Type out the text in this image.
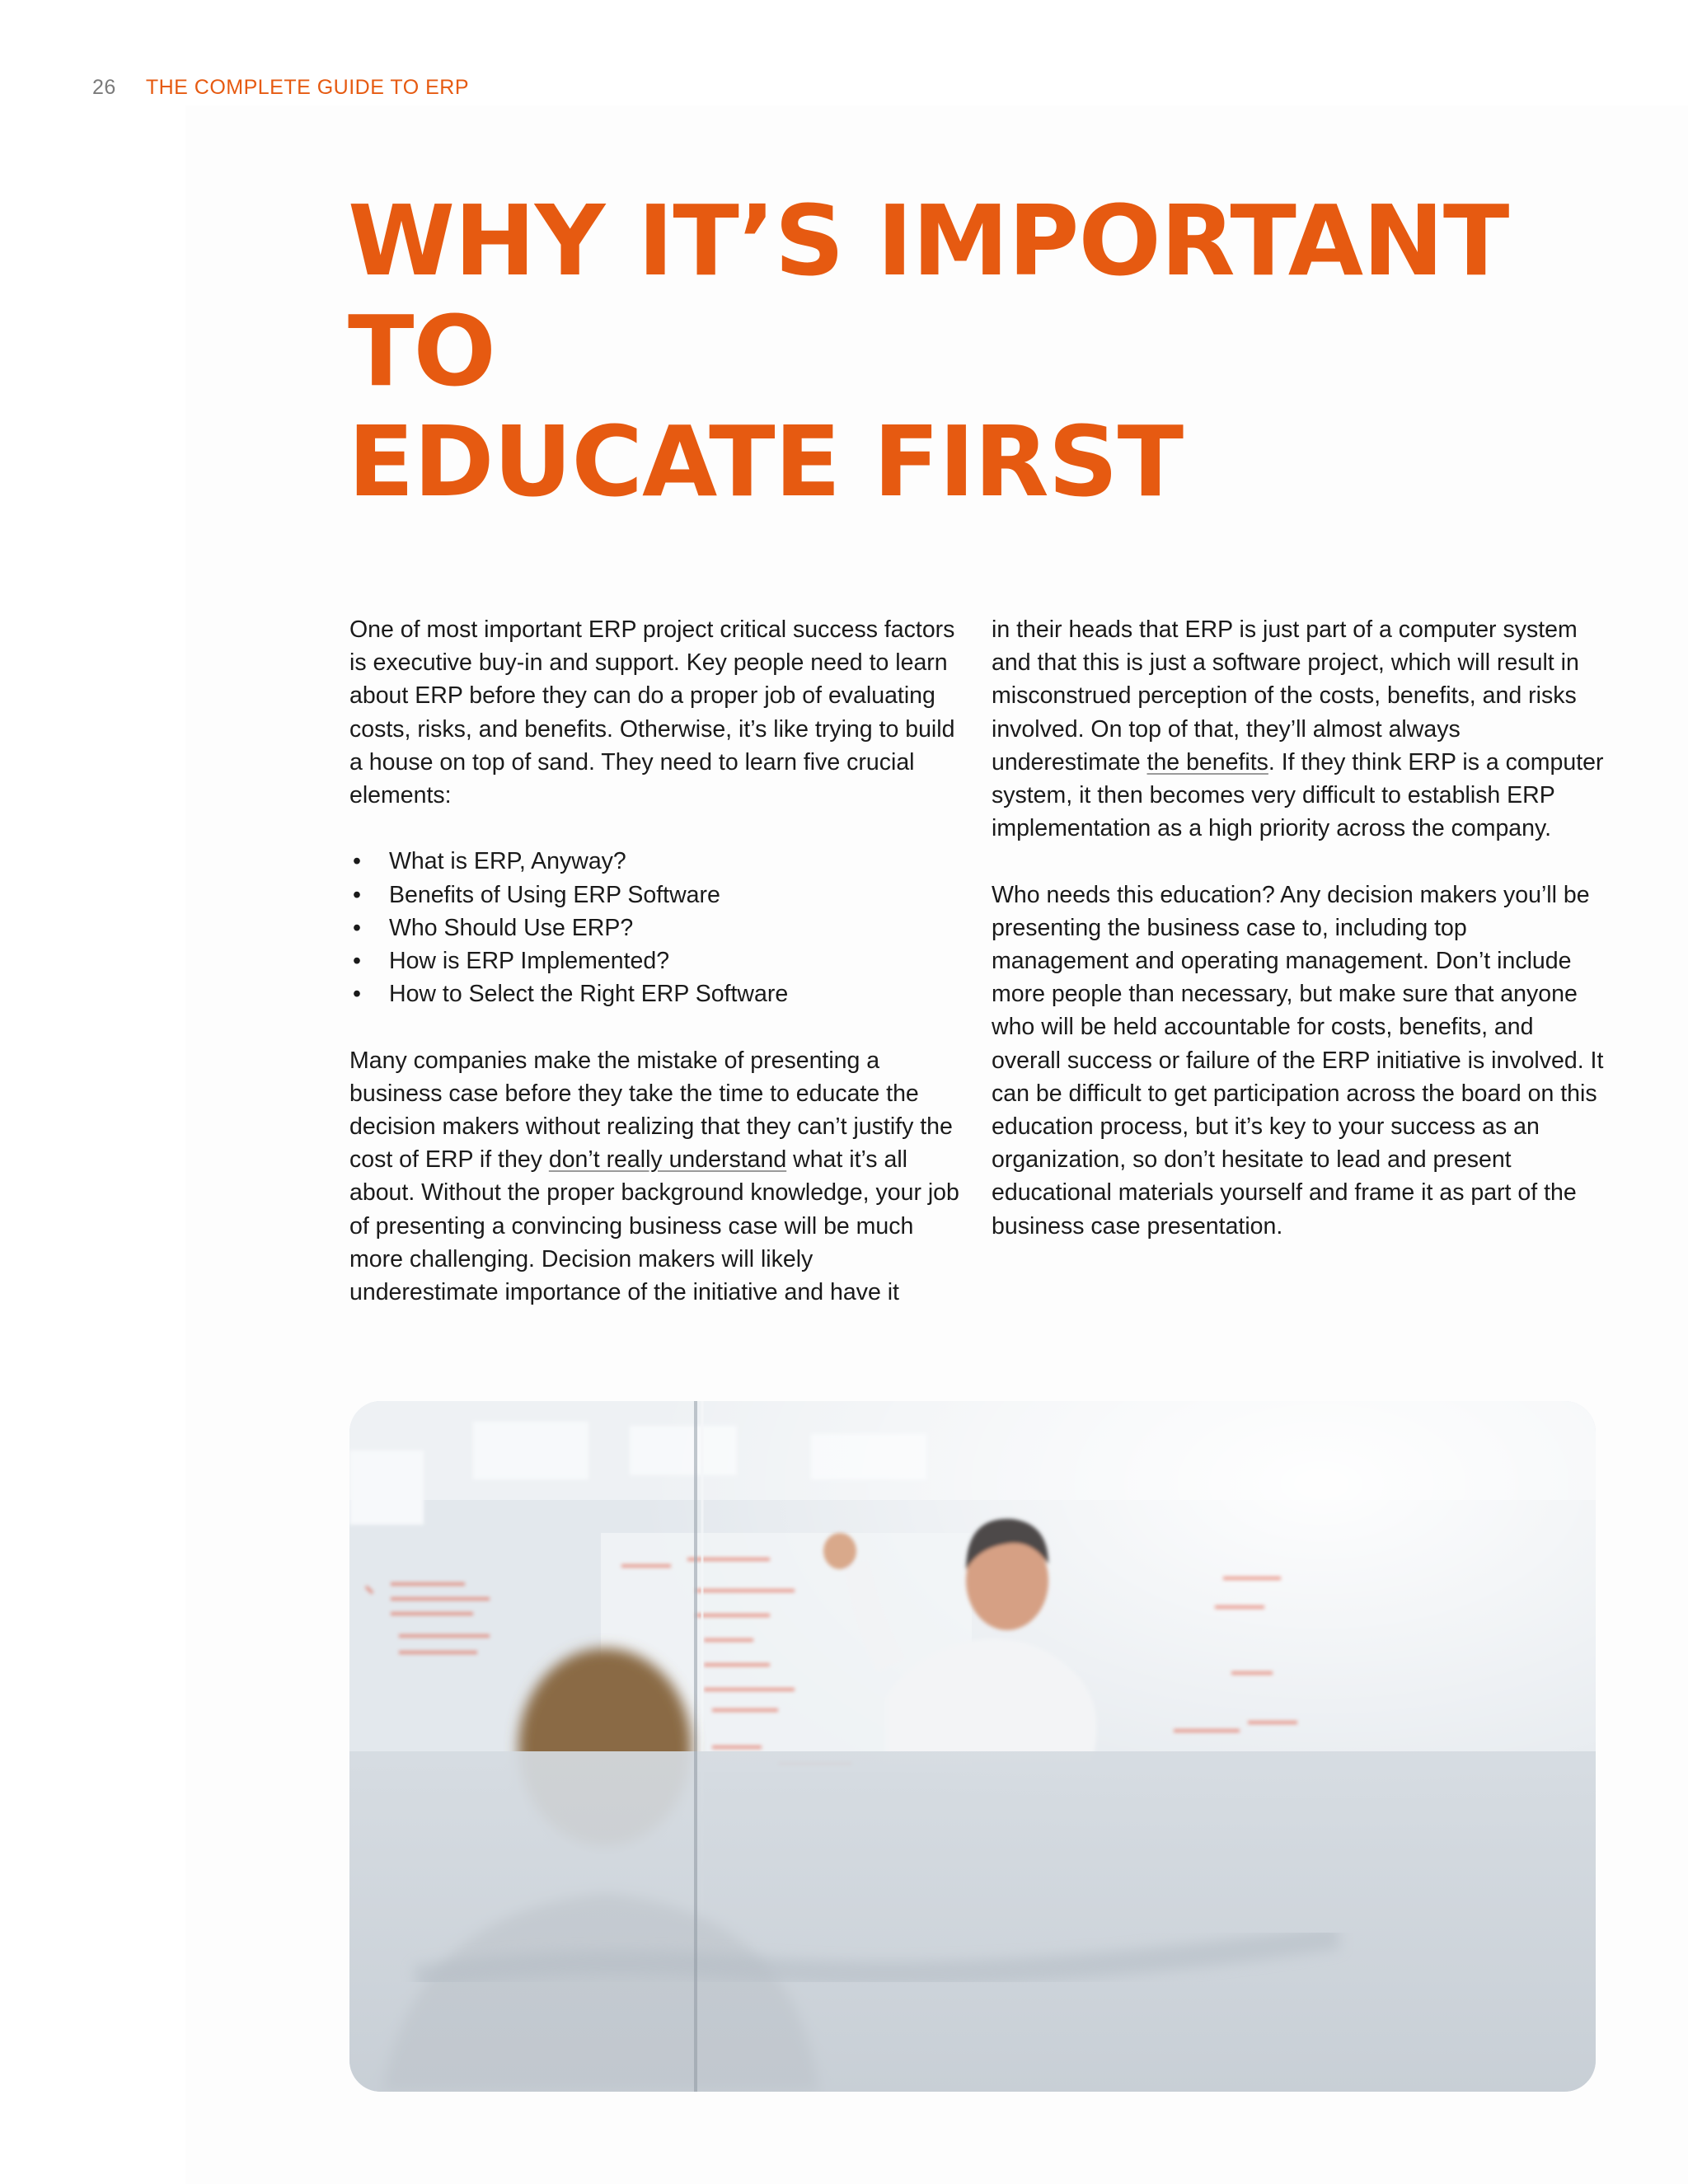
26 THE COMPLETE GUIDE TO ERP
WHY IT’S IMPORTANT TO
EDUCATE FIRST

One of most important ERP project critical success factors is executive buy-in and support. Key people need to learn about ERP before they can do a proper job of evaluating costs, risks, and benefits. Otherwise, it’s like trying to build a house on top of sand. They need to learn five crucial elements:

• What is ERP, Anyway?
• Benefits of Using ERP Software
• Who Should Use ERP?
• How is ERP Implemented?
• How to Select the Right ERP Software

Many companies make the mistake of presenting a business case before they take the time to educate the decision makers without realizing that they can’t justify the cost of ERP if they don’t really understand what it’s all about. Without the proper background knowledge, your job of presenting a convincing business case will be much more challenging. Decision makers will likely underestimate importance of the initiative and have it

in their heads that ERP is just part of a computer system and that this is just a software project, which will result in misconstrued perception of the costs, benefits, and risks involved. On top of that, they’ll almost always underestimate the benefits. If they think ERP is a computer system, it then becomes very difficult to establish ERP implementation as a high priority across the company.

Who needs this education? Any decision makers you’ll be presenting the business case to, including top management and operating management. Don’t include more people than necessary, but make sure that anyone who will be held accountable for costs, benefits, and overall success or failure of the ERP initiative is involved. It can be difficult to get participation across the board on this education process, but it’s key to your success as an organization, so don’t hesitate to lead and present educational materials yourself and frame it as part of the business case presentation.
